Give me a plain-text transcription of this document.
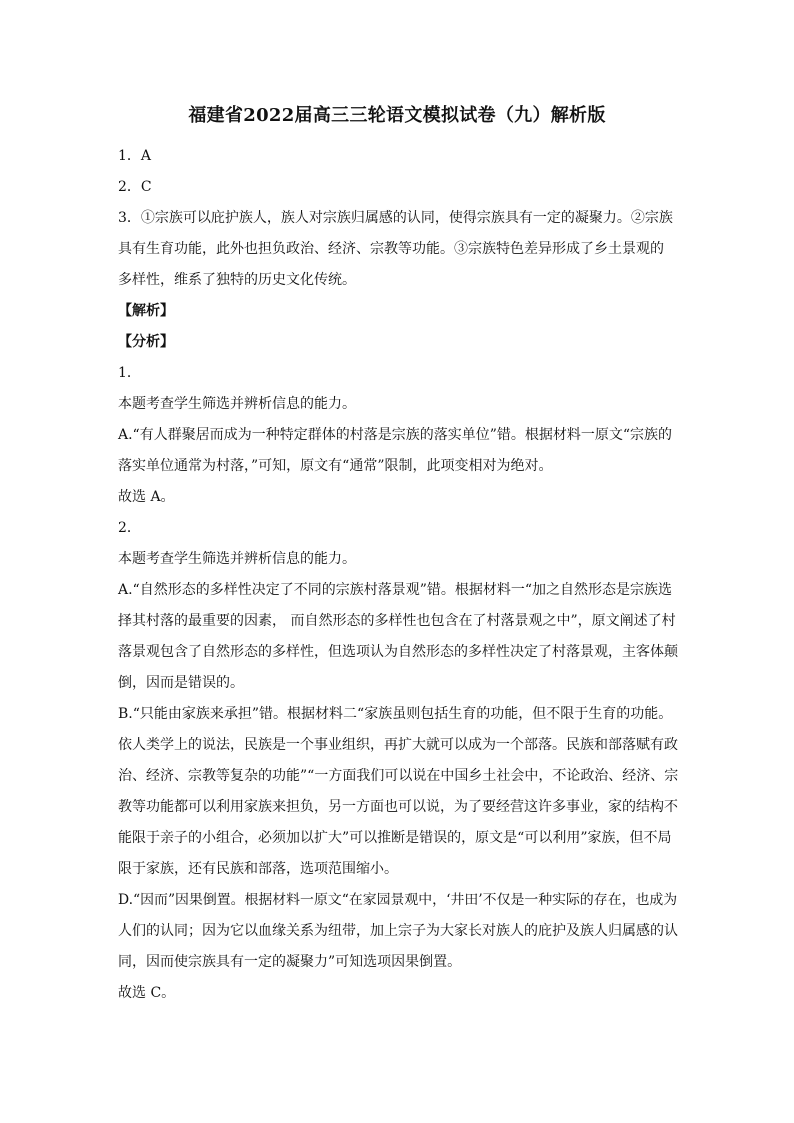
福建省2022届高三三轮语文模拟试卷（九）解析版
1．A
2．C
3．①宗族可以庇护族人，族人对宗族归属感的认同，使得宗族具有一定的凝聚力。②宗族
具有生育功能，此外也担负政治、经济、宗教等功能。③宗族特色差异形成了乡土景观的
多样性，维系了独特的历史文化传统。
【解析】
【分析】
1．
本题考查学生筛选并辨析信息的能力。
A.“有人群聚居而成为一种特定群体的村落是宗族的落实单位”错。根据材料一原文“宗族的
落实单位通常为村落，”可知，原文有“通常”限制，此项变相对为绝对。
故选 A。
2．
本题考查学生筛选并辨析信息的能力。
A.“自然形态的多样性决定了不同的宗族村落景观”错。根据材料一“加之自然形态是宗族选
择其村落的最重要的因素， 而自然形态的多样性也包含在了村落景观之中”，原文阐述了村
落景观包含了自然形态的多样性，但选项认为自然形态的多样性决定了村落景观，主客体颠
倒，因而是错误的。
B.“只能由家族来承担”错。根据材料二“家族虽则包括生育的功能，但不限于生育的功能。
依人类学上的说法，民族是一个事业组织，再扩大就可以成为一个部落。民族和部落赋有政
治、经济、宗教等复杂的功能”“一方面我们可以说在中国乡土社会中，不论政治、经济、宗
教等功能都可以利用家族来担负，另一方面也可以说，为了要经营这许多事业，家的结构不
能限于亲子的小组合，必须加以扩大”可以推断是错误的，原文是“可以利用”家族，但不局
限于家族，还有民族和部落，选项范围缩小。
D.“因而”因果倒置。根据材料一原文“在家园景观中，‘井田’不仅是一种实际的存在，也成为
人们的认同；因为它以血缘关系为纽带，加上宗子为大家长对族人的庇护及族人归属感的认
同，因而使宗族具有一定的凝聚力”可知选项因果倒置。
故选 C。
